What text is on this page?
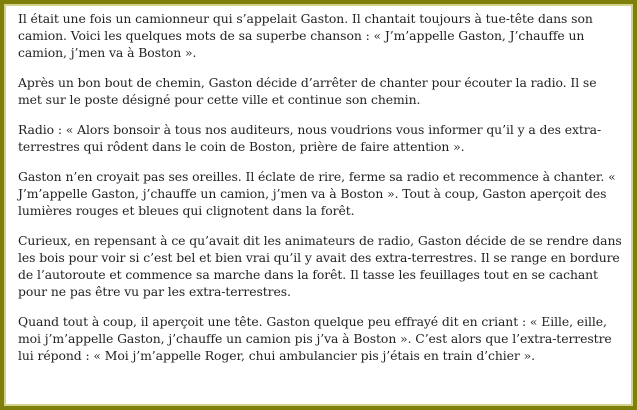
Il était une fois un camionneur qui s’appelait Gaston. Il chantait toujours à tue-tête dans son camion. Voici les quelques mots de sa superbe chanson : « J’m’appelle Gaston, J’chauffe un camion, j’men va à Boston ».

Après un bon bout de chemin, Gaston décide d’arrêter de chanter pour écouter la radio. Il se met sur le poste désigné pour cette ville et continue son chemin.

Radio : « Alors bonsoir à tous nos auditeurs, nous voudrions vous informer qu’il y a des extra-terrestres qui rôdent dans le coin de Boston, prière de faire attention ».

Gaston n’en croyait pas ses oreilles. Il éclate de rire, ferme sa radio et recommence à chanter. « J’m’appelle Gaston, j’chauffe un camion, j’men va à Boston ». Tout à coup, Gaston aperçoit des lumières rouges et bleues qui clignotent dans la forêt.

Curieux, en repensant à ce qu’avait dit les animateurs de radio, Gaston décide de se rendre dans les bois pour voir si c’est bel et bien vrai qu’il y avait des extra-terrestres. Il se range en bordure de l’autoroute et commence sa marche dans la forêt. Il tasse les feuillages tout en se cachant pour ne pas être vu par les extra-terrestres.

Quand tout à coup, il aperçoit une tête. Gaston quelque peu effrayé dit en criant : « Eille, eille, moi j’m’appelle Gaston, j’chauffe un camion pis j’va à Boston ». C’est alors que l’extra-terrestre lui répond : « Moi j’m’appelle Roger, chui ambulancier pis j’étais en train d’chier ».
